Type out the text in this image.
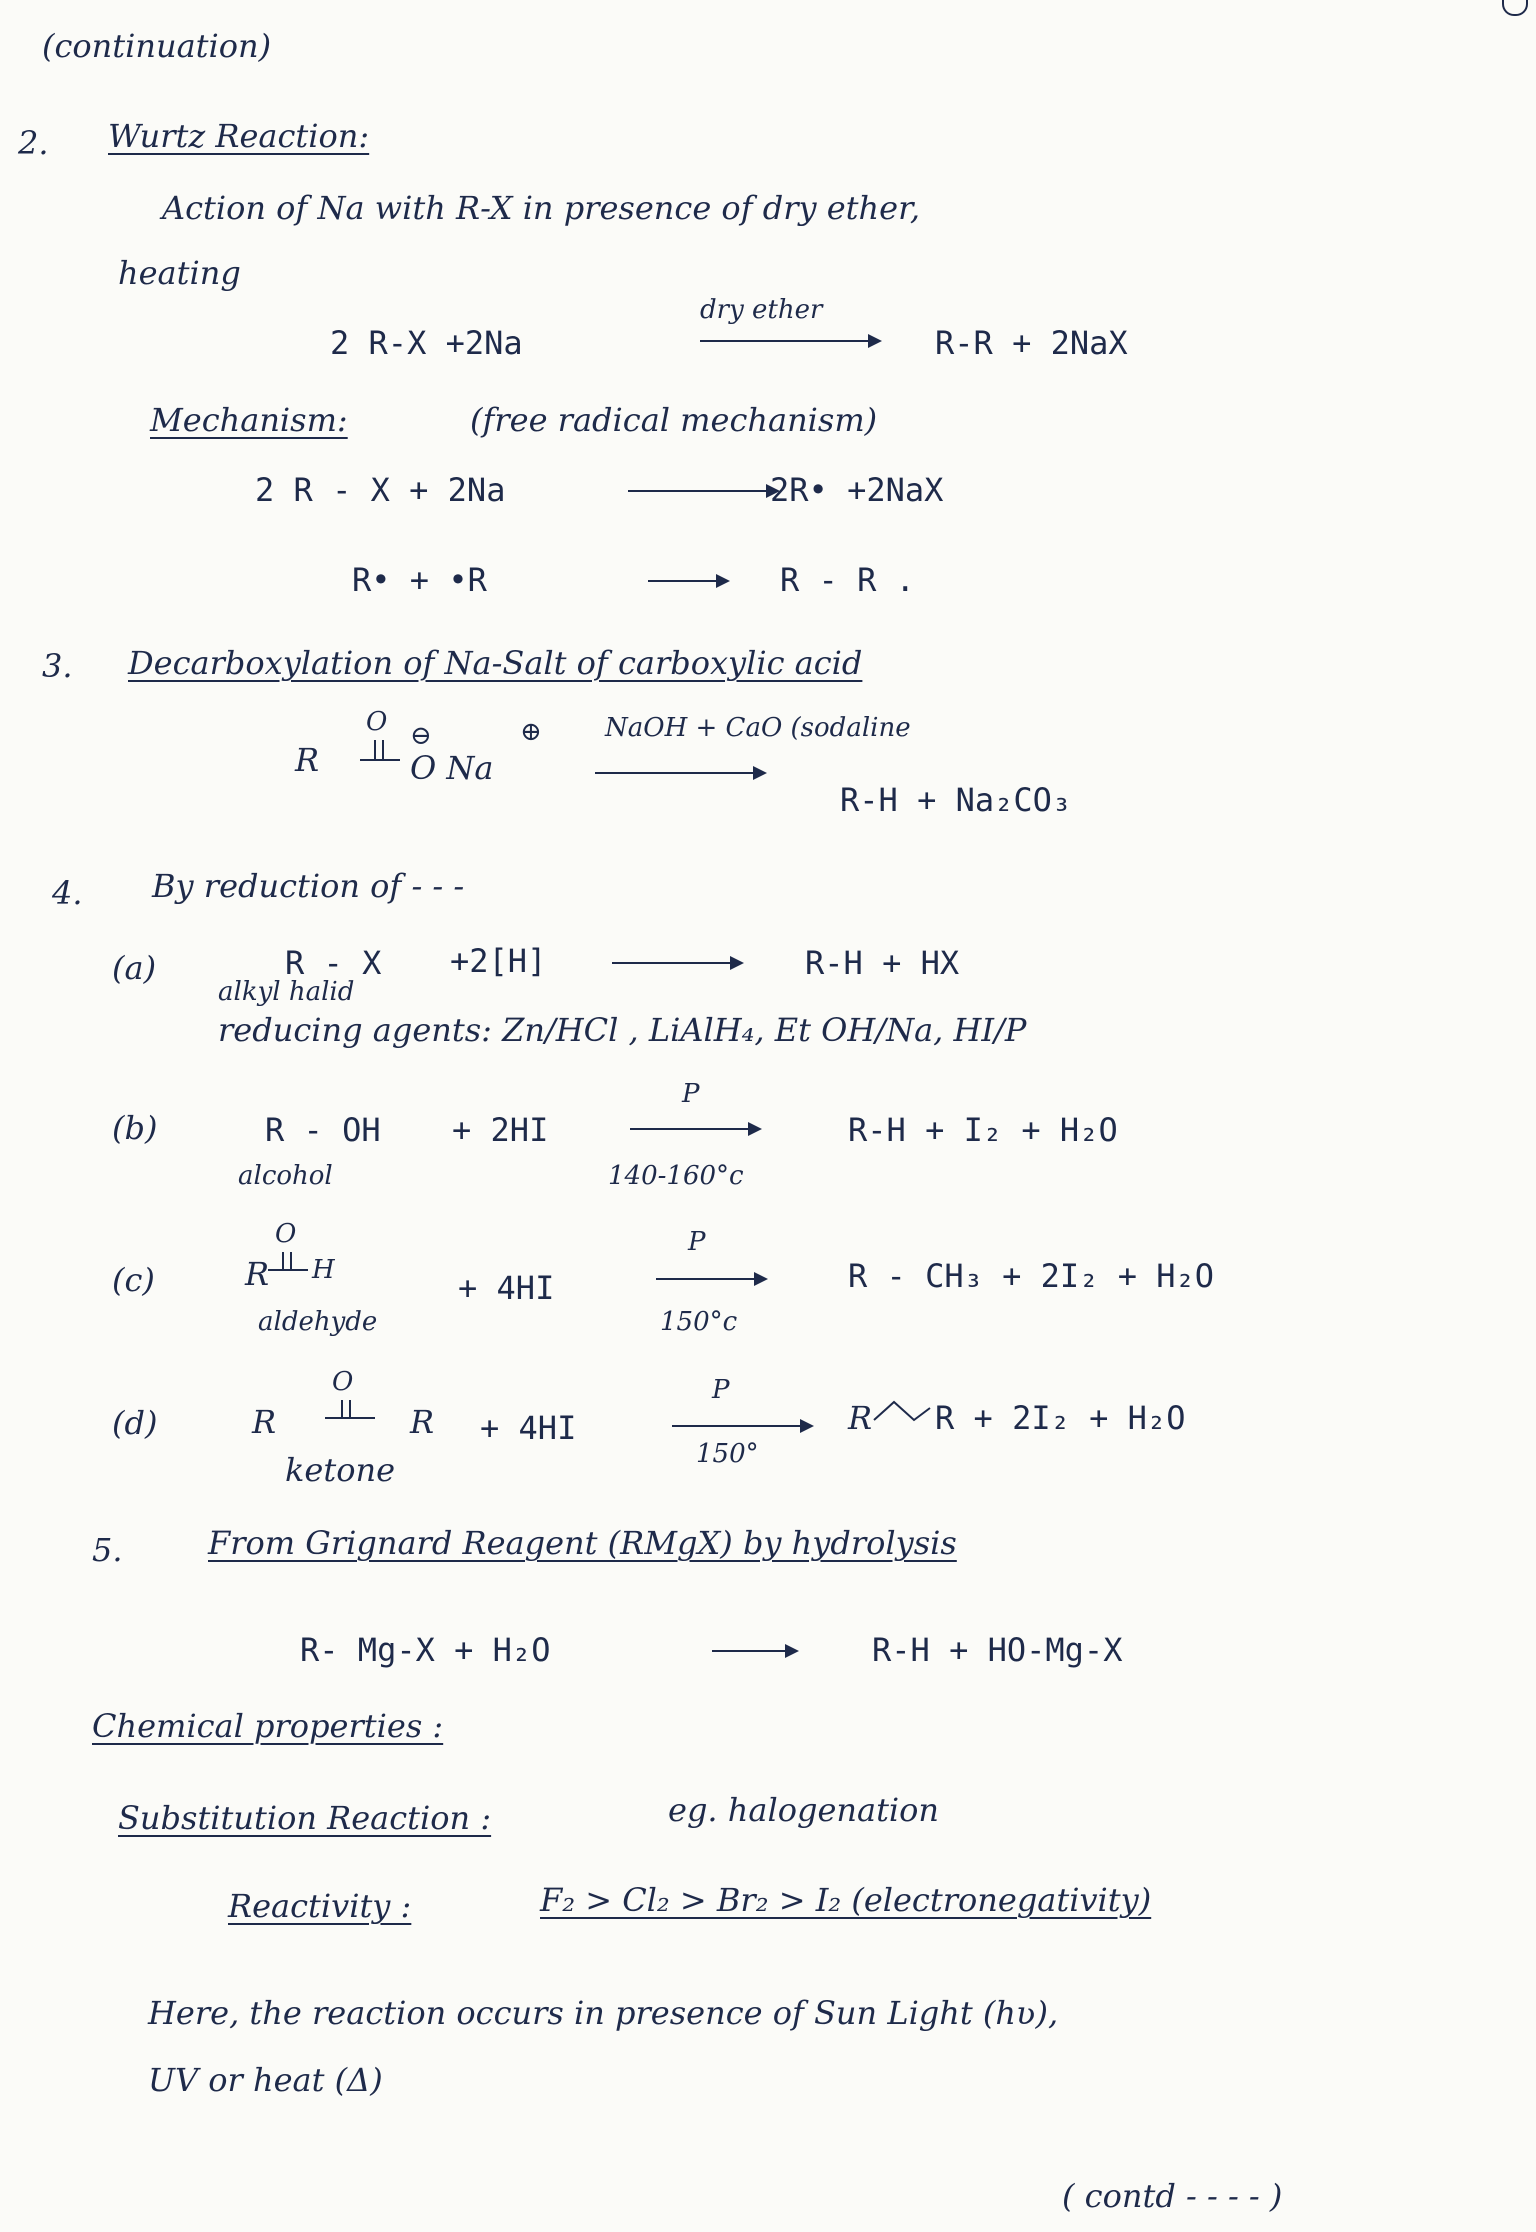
(continuation)
2. Wurtz Reaction:
Action of Na with R-X in presence of dry ether,
heating
2 R-X +2Na
dry ether
R-R + 2NaX
Mechanism:	(free radical mechanism)
2 R - X + 2Na	2R• +2NaX
R• + •R	R - R .
3. Decarboxylation of Na-Salt of carboxylic acid
R
O ⊖	⊕
O Na
NaOH + CaO (sodaline
R-H + Na₂CO₃
4. By reduction of - - -
(a)	R - X +2[H]
alkyl halid
R-H + HX
reducing agents: Zn/HCl , LiAlH₄, Et OH/Na, HI/P
(b)	R - OH + 2HI
alcohol
P
140-160°c
R-H + I₂ + H₂O
(c)
O
R H	+ 4HI
aldehyde
P
150°c
R - CH₃ + 2I₂ + H₂O
(d)
O
R	R + 4HI
ketone
P
150°
R R + 2I₂ + H₂O
5.	From Grignard Reagent (RMgX) by hydrolysis
R- Mg-X + H₂O	R-H + HO-Mg-X
Chemical properties :
Substitution Reaction :	eg. halogenation
Reactivity :	F₂ > Cl₂ > Br₂ > I₂ (electronegativity)
Here, the reaction occurs in presence of Sun Light (hʋ),
UV or heat (Δ)
( contd - - - - )
